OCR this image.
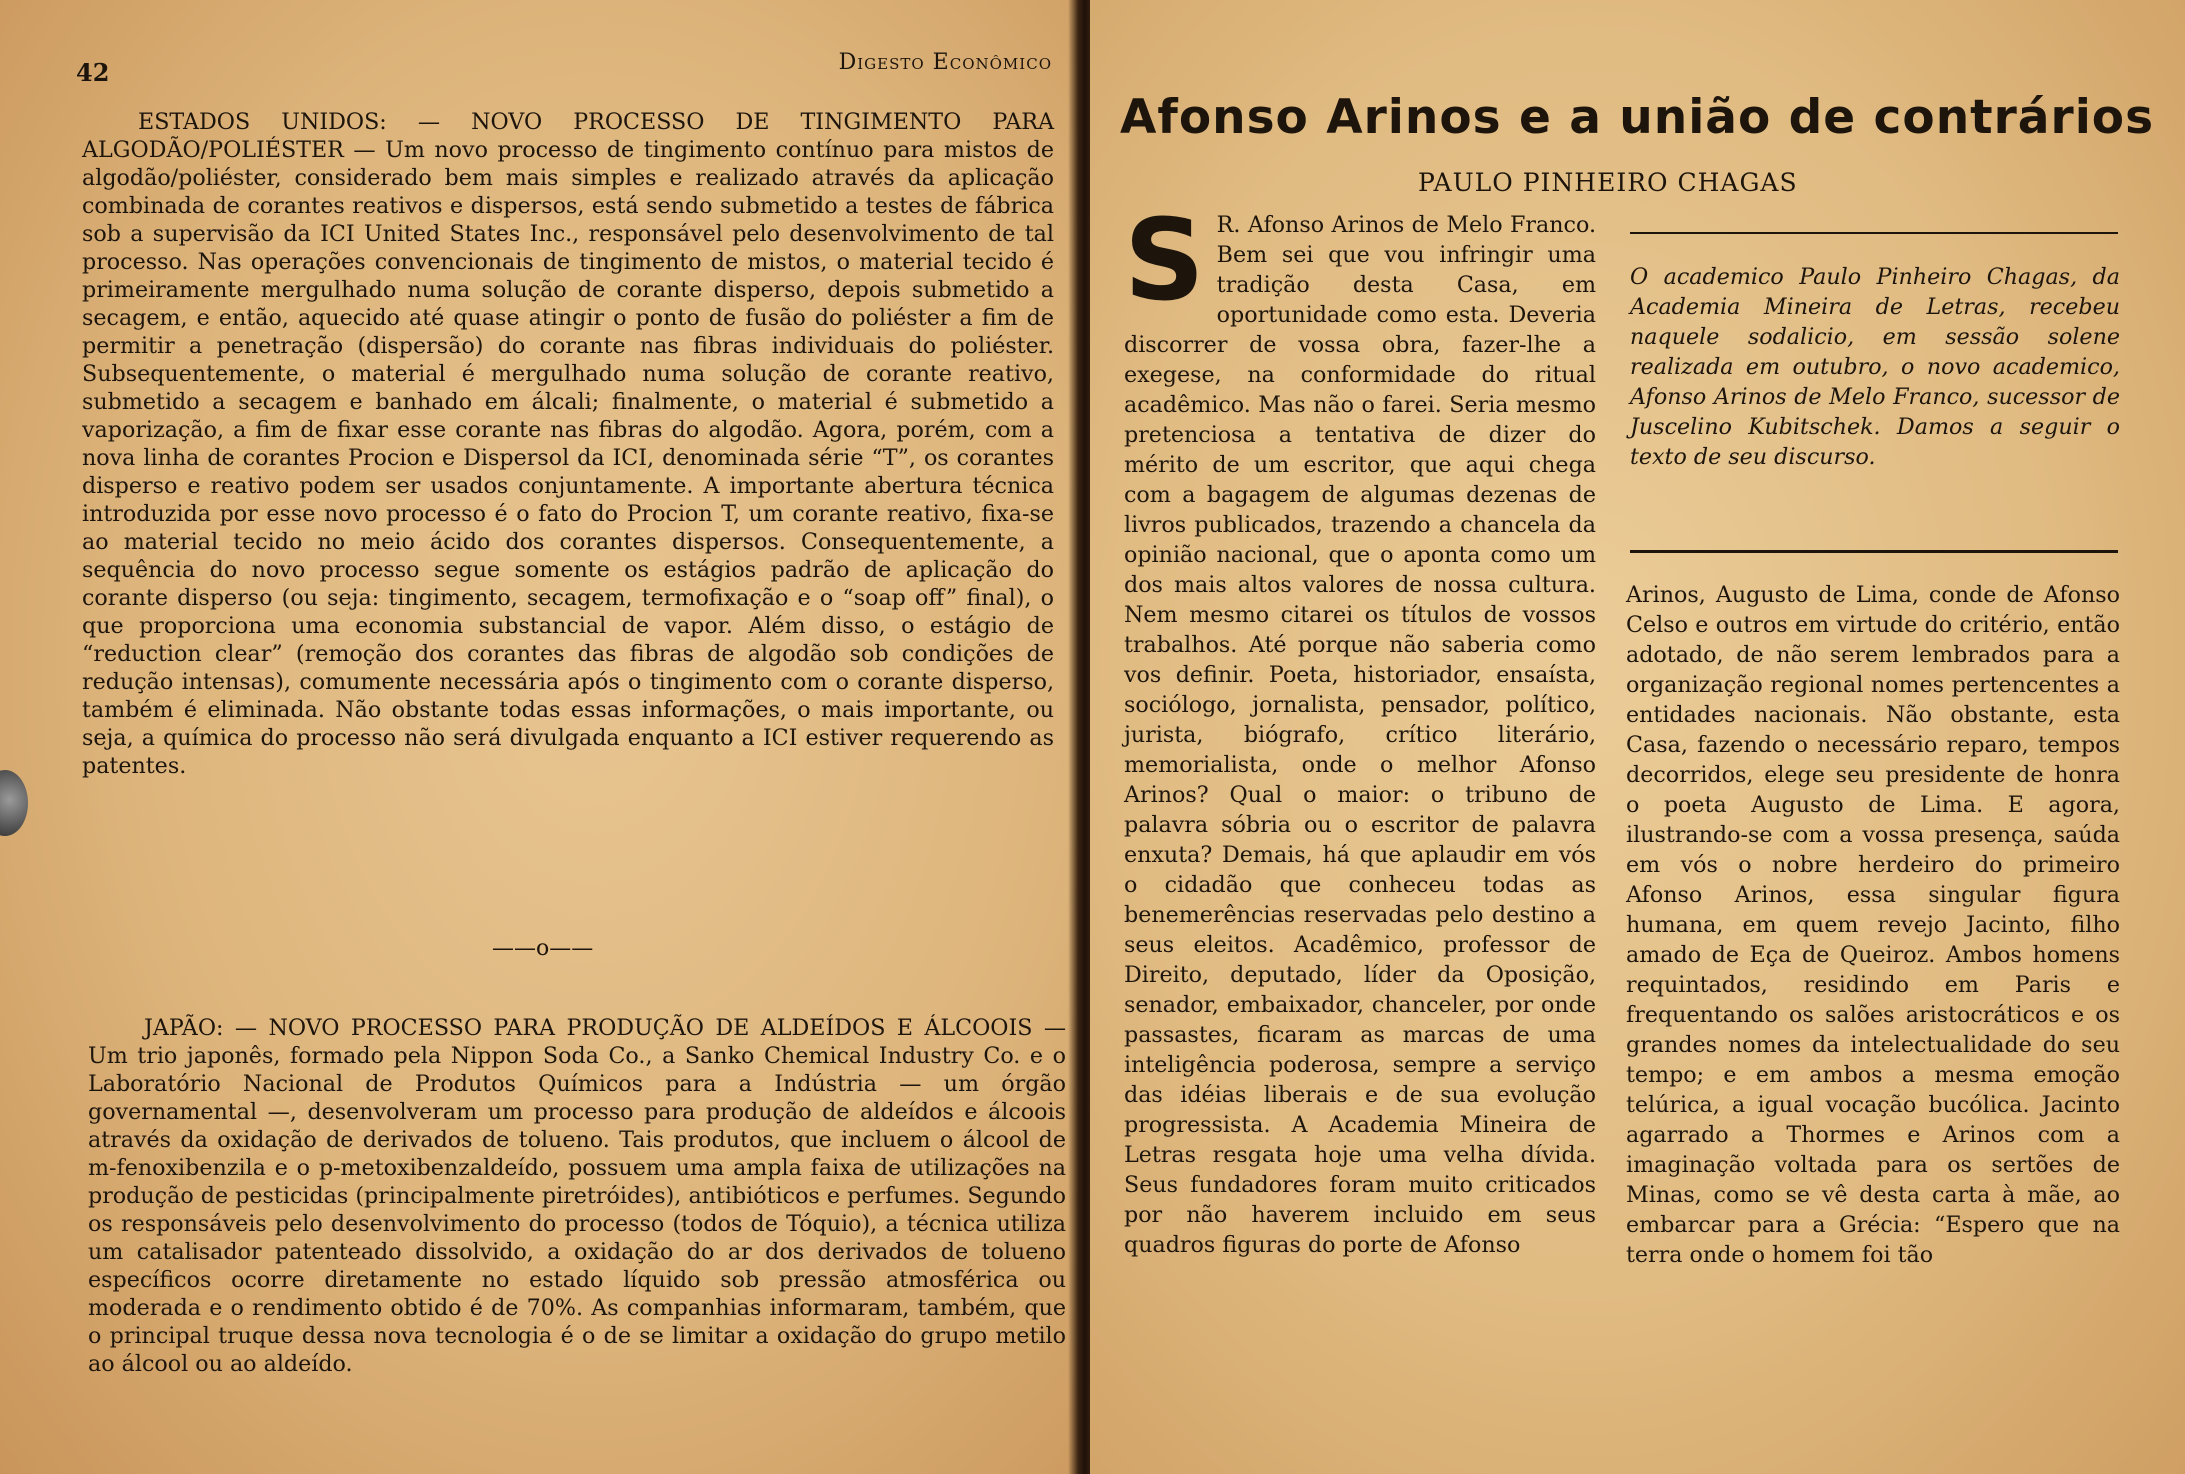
42	Digesto Econômico

ESTADOS UNIDOS: — NOVO PROCESSO DE TINGIMENTO PARA ALGODÃO/POLIÉSTER — Um novo processo de tingimento contínuo para mistos de algodão/poliéster, considerado bem mais simples e realizado através da aplicação combinada de corantes reativos e dispersos, está sendo submetido a testes de fábrica sob a supervisão da ICI United States Inc., responsável pelo desenvolvimento de tal processo. Nas operações convencionais de tingimento de mistos, o material tecido é primeiramente mergulhado numa solução de corante disperso, depois submetido a secagem, e então, aquecido até quase atingir o ponto de fusão do poliéster a fim de permitir a penetração (dispersão) do corante nas fibras individuais do poliéster. Subsequentemente, o material é mergulhado numa solução de corante reativo, submetido a secagem e banhado em álcali; finalmente, o material é submetido a vaporização, a fim de fixar esse corante nas fibras do algodão. Agora, porém, com a nova linha de corantes Procion e Dispersol da ICI, denominada série “T”, os corantes disperso e reativo podem ser usados conjuntamente. A importante abertura técnica introduzida por esse novo processo é o fato do Procion T, um corante reativo, fixa-se ao material tecido no meio ácido dos corantes dispersos. Consequentemente, a sequência do novo processo segue somente os estágios padrão de aplicação do corante disperso (ou seja: tingimento, secagem, termofixação e o “soap off” final), o que proporciona uma economia substancial de vapor. Além disso, o estágio de “reduction clear” (remoção dos corantes das fibras de algodão sob condições de redução intensas), comumente necessária após o tingimento com o corante disperso, também é eliminada. Não obstante todas essas informações, o mais importante, ou seja, a química do processo não será divulgada enquanto a ICI estiver requerendo as patentes.

——o——

JAPÃO: — NOVO PROCESSO PARA PRODUÇÃO DE ALDEÍDOS E ÁLCOOIS — Um trio japonês, formado pela Nippon Soda Co., a Sanko Chemical Industry Co. e o Laboratório Nacional de Produtos Químicos para a Indústria — um órgão governamental —, desenvolveram um processo para produção de aldeídos e álcoois através da oxidação de derivados de tolueno. Tais produtos, que incluem o álcool de m-fenoxibenzila e o p-metoxibenzaldeído, possuem uma ampla faixa de utilizações na produção de pesticidas (principalmente piretróides), antibióticos e perfumes. Segundo os responsáveis pelo desenvolvimento do processo (todos de Tóquio), a técnica utiliza um catalisador patenteado dissolvido, a oxidação do ar dos derivados de tolueno específicos ocorre diretamente no estado líquido sob pressão atmosférica ou moderada e o rendimento obtido é de 70%. As companhias informaram, também, que o principal truque dessa nova tecnologia é o de se limitar a oxidação do grupo metilo ao álcool ou ao aldeído.

Afonso Arinos e a união de contrários
PAULO PINHEIRO CHAGAS
S R. Afonso Arinos de Melo Franco. Bem sei que vou infringir uma tradição desta Casa, em oportunidade como esta. Deveria discorrer de vossa obra, fazer-lhe a exegese, na conformidade do ritual acadêmico. Mas não o farei. Seria mesmo pretenciosa a tentativa de dizer do mérito de um escritor, que aqui chega com a bagagem de algumas dezenas de livros publicados, trazendo a chancela da opinião nacional, que o aponta como um dos mais altos valores de nossa cultura. Nem mesmo citarei os títulos de vossos trabalhos. Até porque não saberia como vos definir. Poeta, historiador, ensaísta, sociólogo, jornalista, pensador, político, jurista, biógrafo, crítico literário, memorialista, onde o melhor Afonso Arinos? Qual o maior: o tribuno de palavra sóbria ou o escritor de palavra enxuta? Demais, há que aplaudir em vós o cidadão que conheceu todas as benemerências reservadas pelo destino a seus eleitos. Acadêmico, professor de Direito, deputado, líder da Oposição, senador, embaixador, chanceler, por onde passastes, ficaram as marcas de uma inteligência poderosa, sempre a serviço das idéias liberais e de sua evolução progressista. A Academia Mineira de Letras resgata hoje uma velha dívida. Seus fundadores foram muito criticados por não haverem incluido em seus quadros figuras do porte de Afonso
O academico Paulo Pinheiro Chagas, da Academia Mineira de Letras, recebeu naquele sodalicio, em sessão solene realizada em outubro, o novo academico, Afonso Arinos de Melo Franco, sucessor de Juscelino Kubitschek. Damos a seguir o texto de seu discurso.
Arinos, Augusto de Lima, conde de Afonso Celso e outros em virtude do critério, então adotado, de não serem lembrados para a organização regional nomes pertencentes a entidades nacionais. Não obstante, esta Casa, fazendo o necessário reparo, tempos decorridos, elege seu presidente de honra o poeta Augusto de Lima. E agora, ilustrando-se com a vossa presença, saúda em vós o nobre herdeiro do primeiro Afonso Arinos, essa singular figura humana, em quem revejo Jacinto, filho amado de Eça de Queiroz. Ambos homens requintados, residindo em Paris e frequentando os salões aristocráticos e os grandes nomes da intelectualidade do seu tempo; e em ambos a mesma emoção telúrica, a igual vocação bucólica. Jacinto agarrado a Thormes e Arinos com a imaginação voltada para os sertões de Minas, como se vê desta carta à mãe, ao embarcar para a Grécia: “Espero que na terra onde o homem foi tão
